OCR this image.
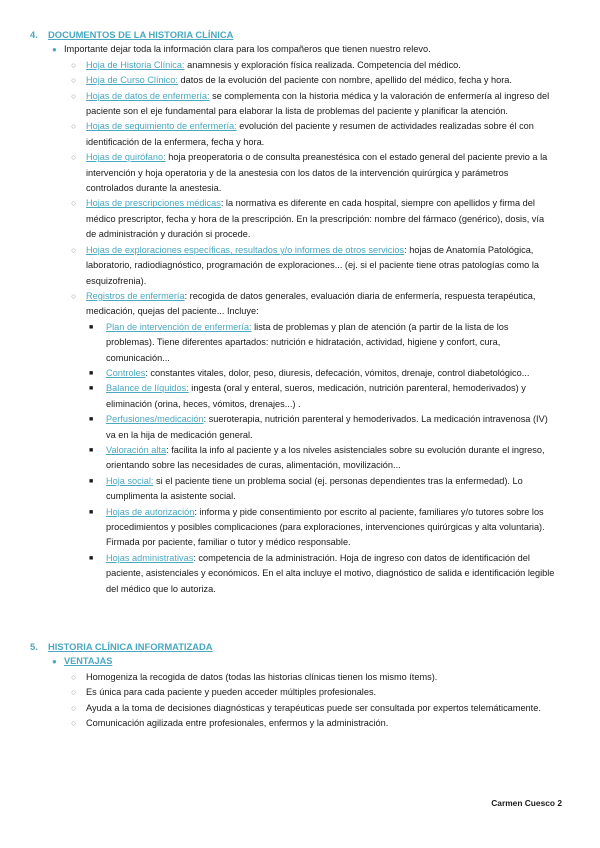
4. DOCUMENTOS DE LA HISTORIA CLÍNICA
● Importante dejar toda la información clara para los compañeros que tienen nuestro relevo.
○ Hoja de Historia Clínica: anamnesis y exploración física realizada. Competencia del médico.
○ Hoja de Curso Clínico: datos de la evolución del paciente con nombre, apellido del médico, fecha y hora.
○ Hojas de datos de enfermería: se complementa con la historia médica y la valoración de enfermería al ingreso del paciente son el eje fundamental para elaborar la lista de problemas del paciente y planificar la atención.
○ Hojas de seguimiento de enfermería: evolución del paciente y resumen de actividades realizadas sobre él con identificación de la enfermera, fecha y hora.
○ Hojas de quirófano: hoja preoperatoria o de consulta preanestésica con el estado general del paciente previo a la intervención y hoja operatoria y de la anestesia con los datos de la intervención quirúrgica y parámetros controlados durante la anestesia.
○ Hojas de prescripciones médicas: la normativa es diferente en cada hospital, siempre con apellidos y firma del médico prescriptor, fecha y hora de la prescripción. En la prescripción: nombre del fármaco (genérico), dosis, vía de administración y duración si procede.
○ Hojas de exploraciones específicas, resultados y/o informes de otros servicios: hojas de Anatomía Patológica, laboratorio, radiodiagnóstico, programación de exploraciones... (ej. si el paciente tiene otras patologías como la esquizofrenia).
○ Registros de enfermería: recogida de datos generales, evaluación diaria de enfermería, respuesta terapéutica, medicación, quejas del paciente... Incluye:
■ Plan de intervención de enfermería: lista de problemas y plan de atención (a partir de la lista de los problemas). Tiene diferentes apartados: nutrición e hidratación, actividad, higiene y confort, cura, comunicación...
■ Controles: constantes vitales, dolor, peso, diuresis, defecación, vómitos, drenaje, control diabetológico...
■ Balance de líquidos: ingesta (oral y enteral, sueros, medicación, nutrición parenteral, hemoderivados) y eliminación (orina, heces, vómitos, drenajes...) .
■ Perfusiones/medicación: sueroterapia, nutrición parenteral y hemoderivados. La medicación intravenosa (IV) va en la hija de medicación general.
■ Valoración alta: facilita la info al paciente y a los niveles asistenciales sobre su evolución durante el ingreso, orientando sobre las necesidades de curas, alimentación, movilización...
■ Hoja social: si el paciente tiene un problema social (ej. personas dependientes tras la enfermedad). Lo cumplimenta la asistente social.
■ Hojas de autorización: informa y pide consentimiento por escrito al paciente, familiares y/o tutores sobre los procedimientos y posibles complicaciones (para exploraciones, intervenciones quirúrgicas y alta voluntaria). Firmada por paciente, familiar o tutor y médico responsable.
■ Hojas administrativas: competencia de la administración. Hoja de ingreso con datos de identificación del paciente, asistenciales y económicos. En el alta incluye el motivo, diagnóstico de salida e identificación legible del médico que lo autoriza.
5. HISTORIA CLÍNICA INFORMATIZADA
● VENTAJAS
○ Homogeniza la recogida de datos (todas las historias clínicas tienen los mismo ítems).
○ Es única para cada paciente y pueden acceder múltiples profesionales.
○ Ayuda a la toma de decisiones diagnósticas y terapéuticas puede ser consultada por expertos telemáticamente.
○ Comunicación agilizada entre profesionales, enfermos y la administración.
Carmen Cuesco 2
